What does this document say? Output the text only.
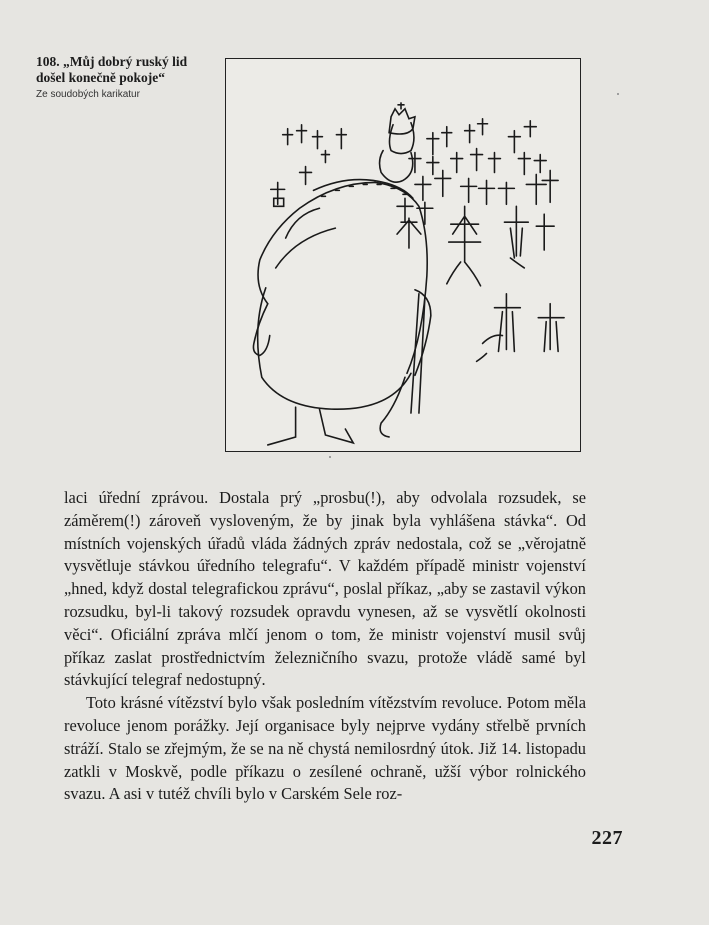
108. „Můj dobrý ruský lid došel konečně pokoje“

Ze soudobých karikatur

laci úřední zprávou. Dostala prý „prosbu(!), aby odvolala rozsudek, se záměrem(!) zároveň vysloveným, že by jinak byla vyhlášena stávka“. Od místních vojenských úřadů vláda žádných zpráv nedostala, což se „věrojatně vysvětluje stávkou úředního telegrafu“. V každém případě ministr vojenství „hned, když dostal telegrafickou zprávu“, poslal příkaz, „aby se zastavil výkon rozsudku, byl-li takový rozsudek opravdu vynesen, až se vysvětlí okolnosti věci“. Oficiální zpráva mlčí jenom o tom, že ministr vojenství musil svůj příkaz zaslat prostřednictvím železničního svazu, protože vládě samé byl stávkující telegraf nedostupný.

Toto krásné vítězství bylo však posledním vítězstvím revoluce. Potom měla revoluce jenom porážky. Její organisace byly nejprve vydány střelbě prvních stráží. Stalo se zřejmým, že se na ně chystá nemilosrdný útok. Již 14. listopadu zatkli v Moskvě, podle příkazu o zesílené ochraně, užší výbor rolnického svazu. A asi v tutéž chvíli bylo v Carském Sele roz-

227
